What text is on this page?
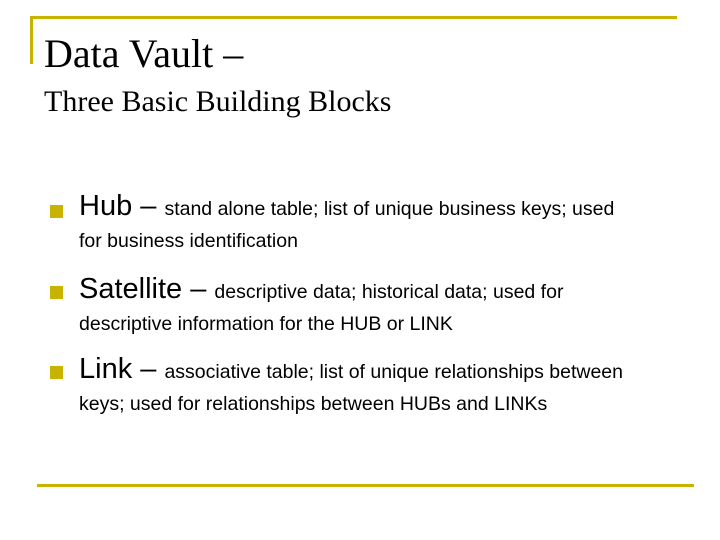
Data Vault –
Three Basic Building Blocks
Hub – stand alone table; list of unique business keys; used for business identification
Satellite – descriptive data; historical data; used for descriptive information for the HUB or LINK
Link – associative table; list of unique relationships between keys; used for relationships between HUBs and LINKs
